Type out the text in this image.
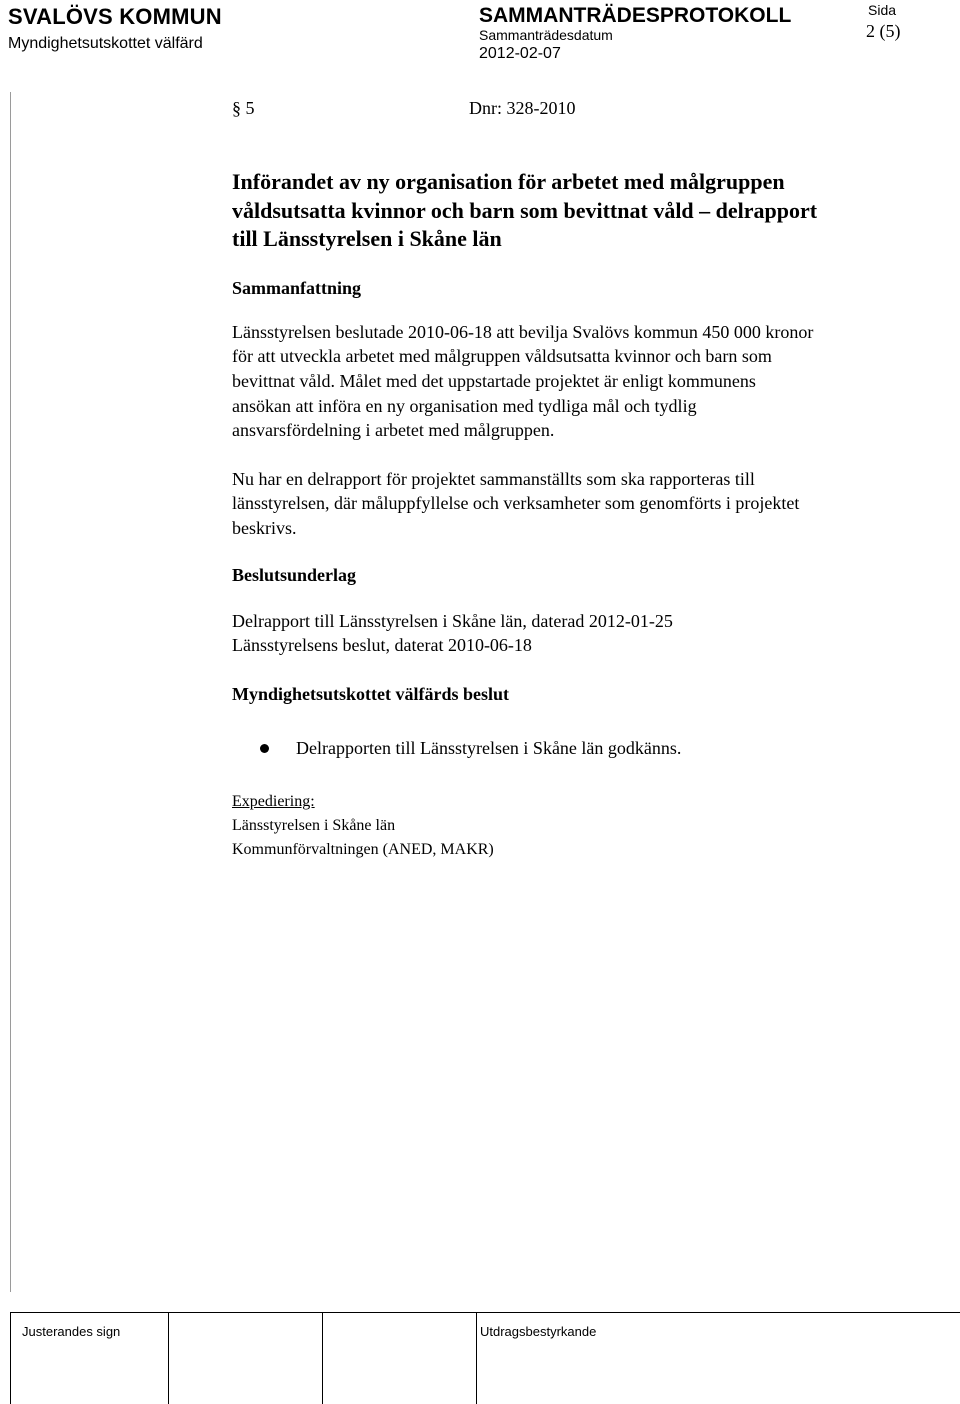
SVALÖVS KOMMUN
Myndighetsutskottet välfärd
SAMMANTRÄDESPROTOKOLL
Sammanträdesdatum
2012-02-07
Sida
2 (5)
§ 5	Dnr: 328-2010
Införandet av ny organisation för arbetet med målgruppen
våldsutsatta kvinnor och barn som bevittnat våld – delrapport
till Länsstyrelsen i Skåne län
Sammanfattning
Länsstyrelsen beslutade 2010-06-18 att bevilja Svalövs kommun 450 000 kronor
för att utveckla arbetet med målgruppen våldsutsatta kvinnor och barn som
bevittnat våld. Målet med det uppstartade projektet är enligt kommunens
ansökan att införa en ny organisation med tydliga mål och tydlig
ansvarsfördelning i arbetet med målgruppen.
Nu har en delrapport för projektet sammanställts som ska rapporteras till
länsstyrelsen, där måluppfyllelse och verksamheter som genomförts i projektet
beskrivs.
Beslutsunderlag
Delrapport till Länsstyrelsen i Skåne län, daterad 2012-01-25
Länsstyrelsens beslut, daterat 2010-06-18
Myndighetsutskottet välfärds beslut
Delrapporten till Länsstyrelsen i Skåne län godkänns.
Expediering:
Länsstyrelsen i Skåne län
Kommunförvaltningen (ANED, MAKR)
Justerandes sign	Utdragsbestyrkande
